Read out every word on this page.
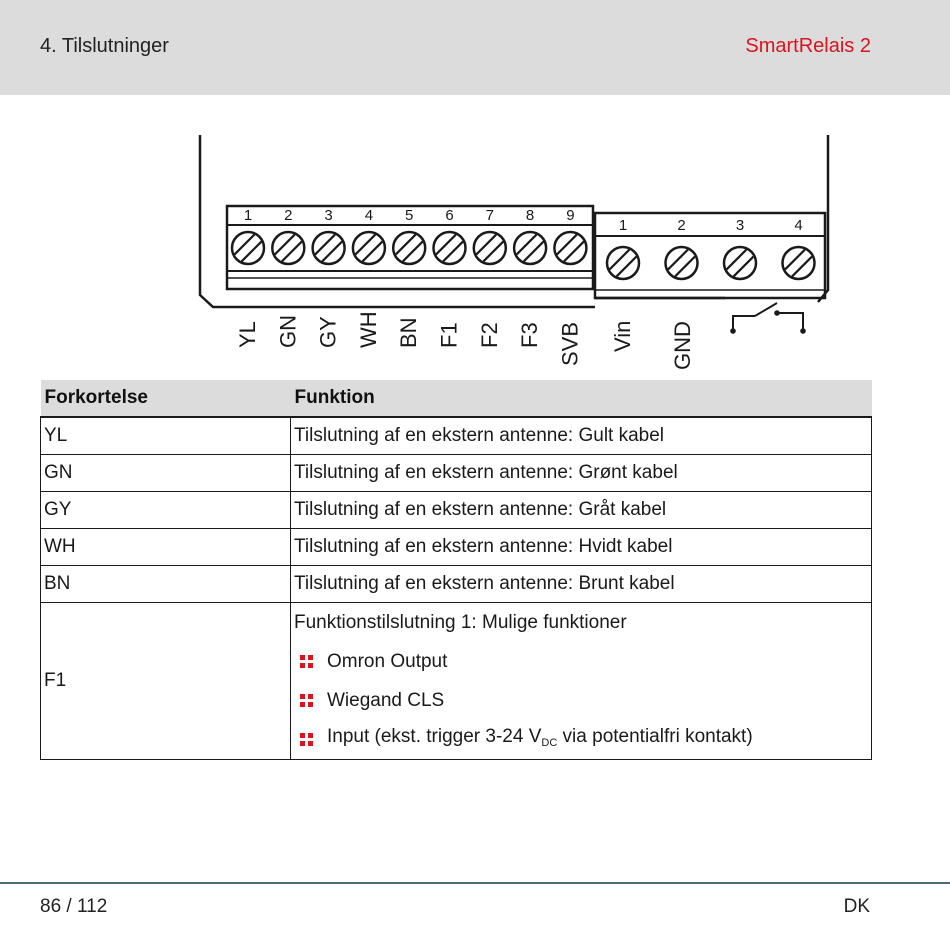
4. Tilslutninger	SmartRelais 2
1 2 3 4 5 6 7 8 9
1	2	3	4
YL GN GY WH BN F1 F2 F3 SVB Vin GND
Forkortelse	Funktion
YL	Tilslutning af en ekstern antenne: Gult kabel
GN	Tilslutning af en ekstern antenne: Grønt kabel
GY	Tilslutning af en ekstern antenne: Gråt kabel
WH	Tilslutning af en ekstern antenne: Hvidt kabel
BN	Tilslutning af en ekstern antenne: Brunt kabel
F1	Funktionstilslutning 1: Mulige funktioner
Omron Output
Wiegand CLS
Input (ekst. trigger 3-24 $V_{DC}$ via potentialfri kontakt)
86 / 112	DK
